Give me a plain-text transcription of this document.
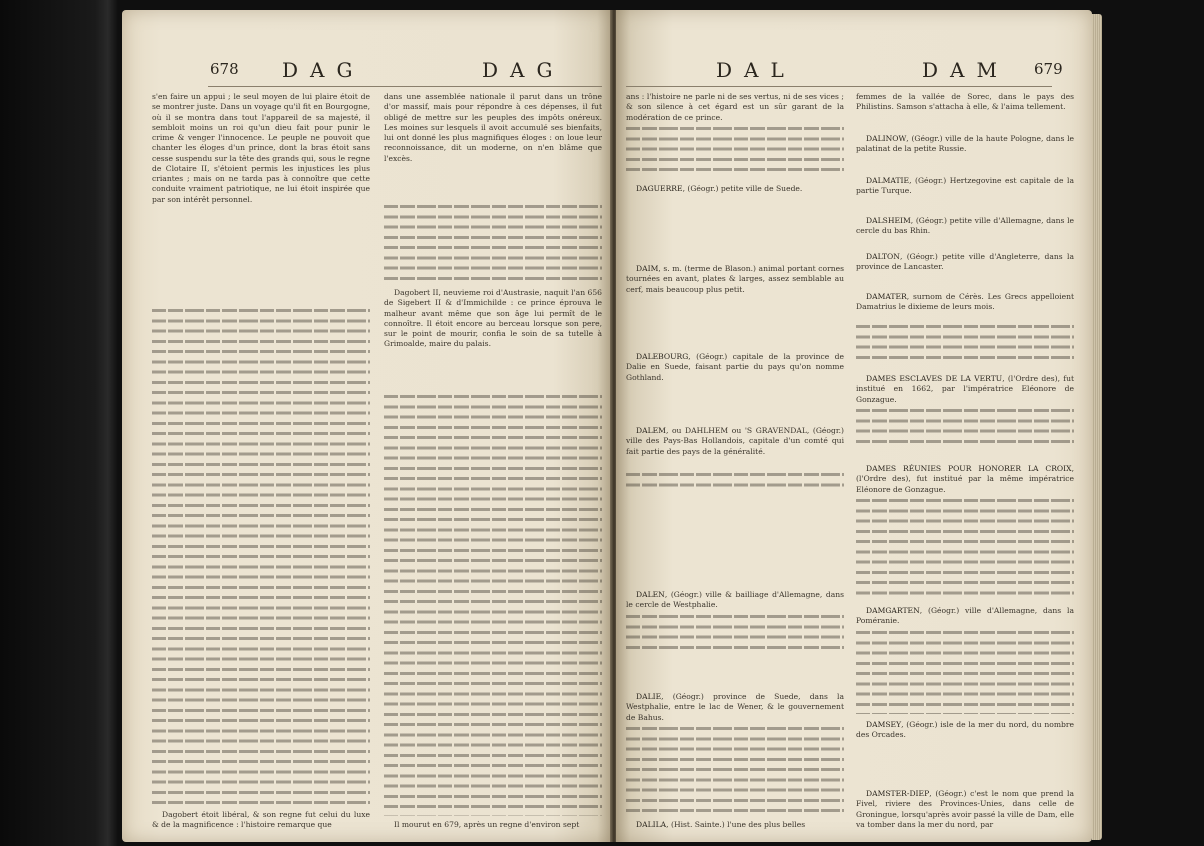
678 DAG	DAG

s'en faire un appui ; le seul moyen de lui plaire étoit de se montrer juste. Dans un voyage qu'il fit en Bourgogne, où il se montra dans tout l'appareil de sa majesté, il sembloit moins un roi qu'un dieu fait pour punir le crime & venger l'innocence. Le peuple ne pouvoit que chanter les éloges d'un prince, dont la bras étoit sans cesse suspendu sur la tête des grands qui, sous le regne de Clotaire II, s'étoient permis les injustices les plus criantes ; mais on ne tarda pas à connoître que cette conduite vraiment patriotique, ne lui étoit inspirée que par son intérêt personnel.

Dagobert étoit libéral, & son regne fut celui du luxe & de la magnificence : l'histoire remarque que

dans une assemblée nationale il parut dans un trône d'or massif, mais pour répondre à ces dépenses, il fut obligé de mettre sur les peuples des impôts onéreux. Les moines sur lesquels il avoit accumulé ses bienfaits, lui ont donné les plus magnifiques éloges : on loue leur reconnoissance, dit un moderne, on n'en blâme que l'excès.

Dagobert II, neuvieme roi d'Austrasie, naquit l'an 656 de Sigebert II & d'Immichilde : ce prince éprouva le malheur avant même que son âge lui permît de le connoître. Il étoit encore au berceau lorsque son pere, sur le point de mourir, confia le soin de sa tutelle à Grimoalde, maire du palais.

Il mourut en 679, après un regne d'environ sept

DAL	DAM 679

ans : l'histoire ne parle ni de ses vertus, ni de ses vices ; & son silence à cet égard est un sûr garant de la modération de ce prince.

DAGUERRE, (Géogr.) petite ville de Suede.

DAIM, s. m. (terme de Blason.) animal portant cornes tournées en avant, plates & larges, assez semblable au cerf, mais beaucoup plus petit.

DALEBOURG, (Géogr.) capitale de la province de Dalie en Suede, faisant partie du pays qu'on nomme Gothland.

DALEM, ou DAHLHEM ou 'S GRAVENDAL, (Géogr.) ville des Pays-Bas Hollandois, capitale d'un comté qui fait partie des pays de la généralité.

DALEN, (Géogr.) ville & bailliage d'Allemagne, dans le cercle de Westphalie.

DALIE, (Géogr.) province de Suede, dans la Westphalie, entre le lac de Wener, & le gouvernement de Bahus.

DALILA, (Hist. Sainte.) l'une des plus belles

femmes de la vallée de Sorec, dans le pays des Philistins. Samson s'attacha à elle, & l'aima tellement.

DALINOW, (Géogr.) ville de la haute Pologne, dans le palatinat de la petite Russie.

DALMATIE, (Géogr.) Hertzegovine est capitale de la partie Turque.

DALSHEIM, (Géogr.) petite ville d'Allemagne, dans le cercle du bas Rhin.

DALTON, (Géogr.) petite ville d'Angleterre, dans la province de Lancaster.

DAMATER, surnom de Cérès. Les Grecs appelloient Damatrius le dixieme de leurs mois.

DAMES ESCLAVES DE LA VERTU, (l'Ordre des), fut institué en 1662, par l'impératrice Eléonore de Gonzague.

DAMES RÉUNIES POUR HONORER LA CROIX, (l'Ordre des), fut institué par la même impératrice Eléonore de Gonzague.

DAMGARTEN, (Géogr.) ville d'Allemagne, dans la Poméranie.

DAMSEY, (Géogr.) isle de la mer du nord, du nombre des Orcades.

DAMSTER-DIEP, (Géogr.) c'est le nom que prend la Fivel, riviere des Provinces-Unies, dans celle de Groningue, lorsqu'après avoir passé la ville de Dam, elle va tomber dans la mer du nord, par
